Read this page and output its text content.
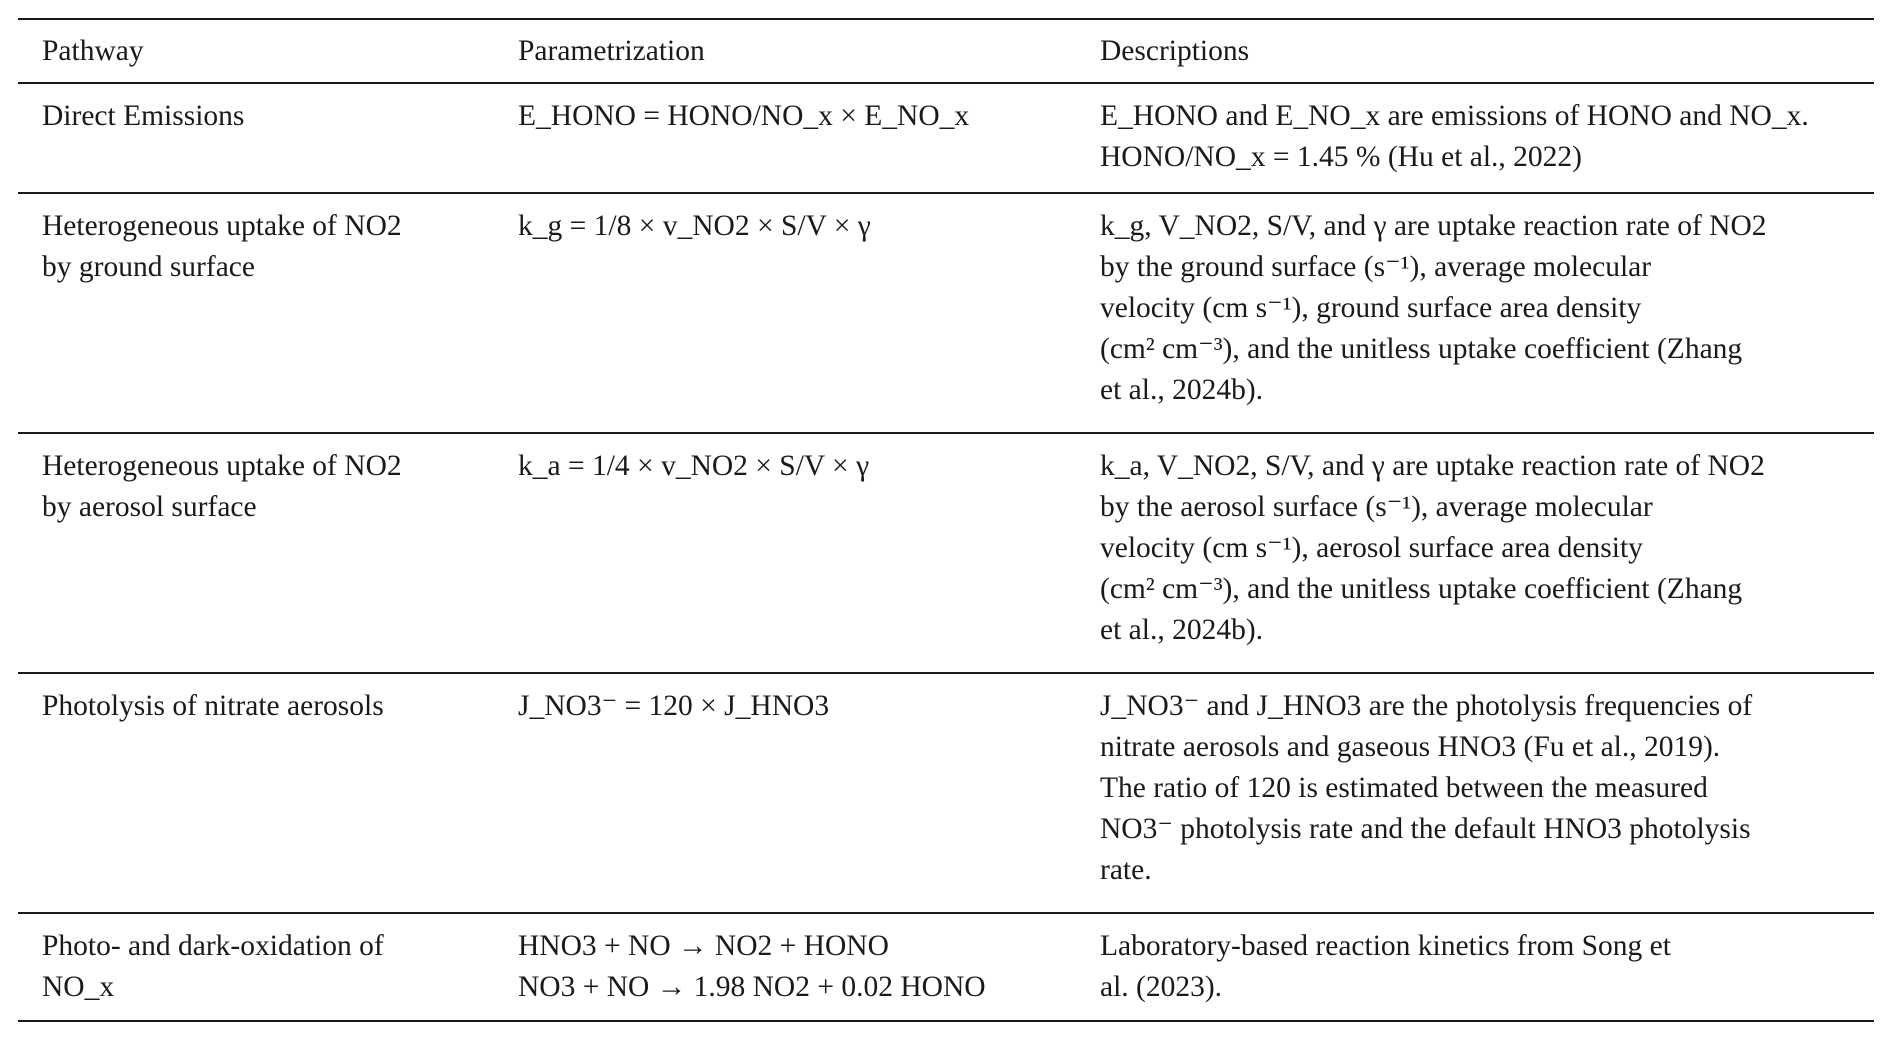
Pathway	Parametrization	Descriptions

Direct Emissions	E_HONO = HONO/NO_x × E_NO_x	E_HONO and E_NO_x are emissions of HONO and NO_x.
HONO/NO_x = 1.45 % (Hu et al., 2022)

Heterogeneous uptake of NO2
by ground surface	k_g = 1/8 × v_NO2 × S/V × γ	k_g, V_NO2, S/V, and γ are uptake reaction rate of NO2
by the ground surface (s⁻¹), average molecular
velocity (cm s⁻¹), ground surface area density
(cm² cm⁻³), and the unitless uptake coefficient (Zhang
et al., 2024b).

Heterogeneous uptake of NO2
by aerosol surface	k_a = 1/4 × v_NO2 × S/V × γ	k_a, V_NO2, S/V, and γ are uptake reaction rate of NO2
by the aerosol surface (s⁻¹), average molecular
velocity (cm s⁻¹), aerosol surface area density
(cm² cm⁻³), and the unitless uptake coefficient (Zhang
et al., 2024b).

Photolysis of nitrate aerosols	J_NO3⁻ = 120 × J_HNO3	J_NO3⁻ and J_HNO3 are the photolysis frequencies of
nitrate aerosols and gaseous HNO3 (Fu et al., 2019).
The ratio of 120 is estimated between the measured
NO3⁻ photolysis rate and the default HNO3 photolysis
rate.

Photo- and dark-oxidation of
NO_x	HNO3 + NO → NO2 + HONO
NO3 + NO → 1.98 NO2 + 0.02 HONO	Laboratory-based reaction kinetics from Song et
al. (2023).
